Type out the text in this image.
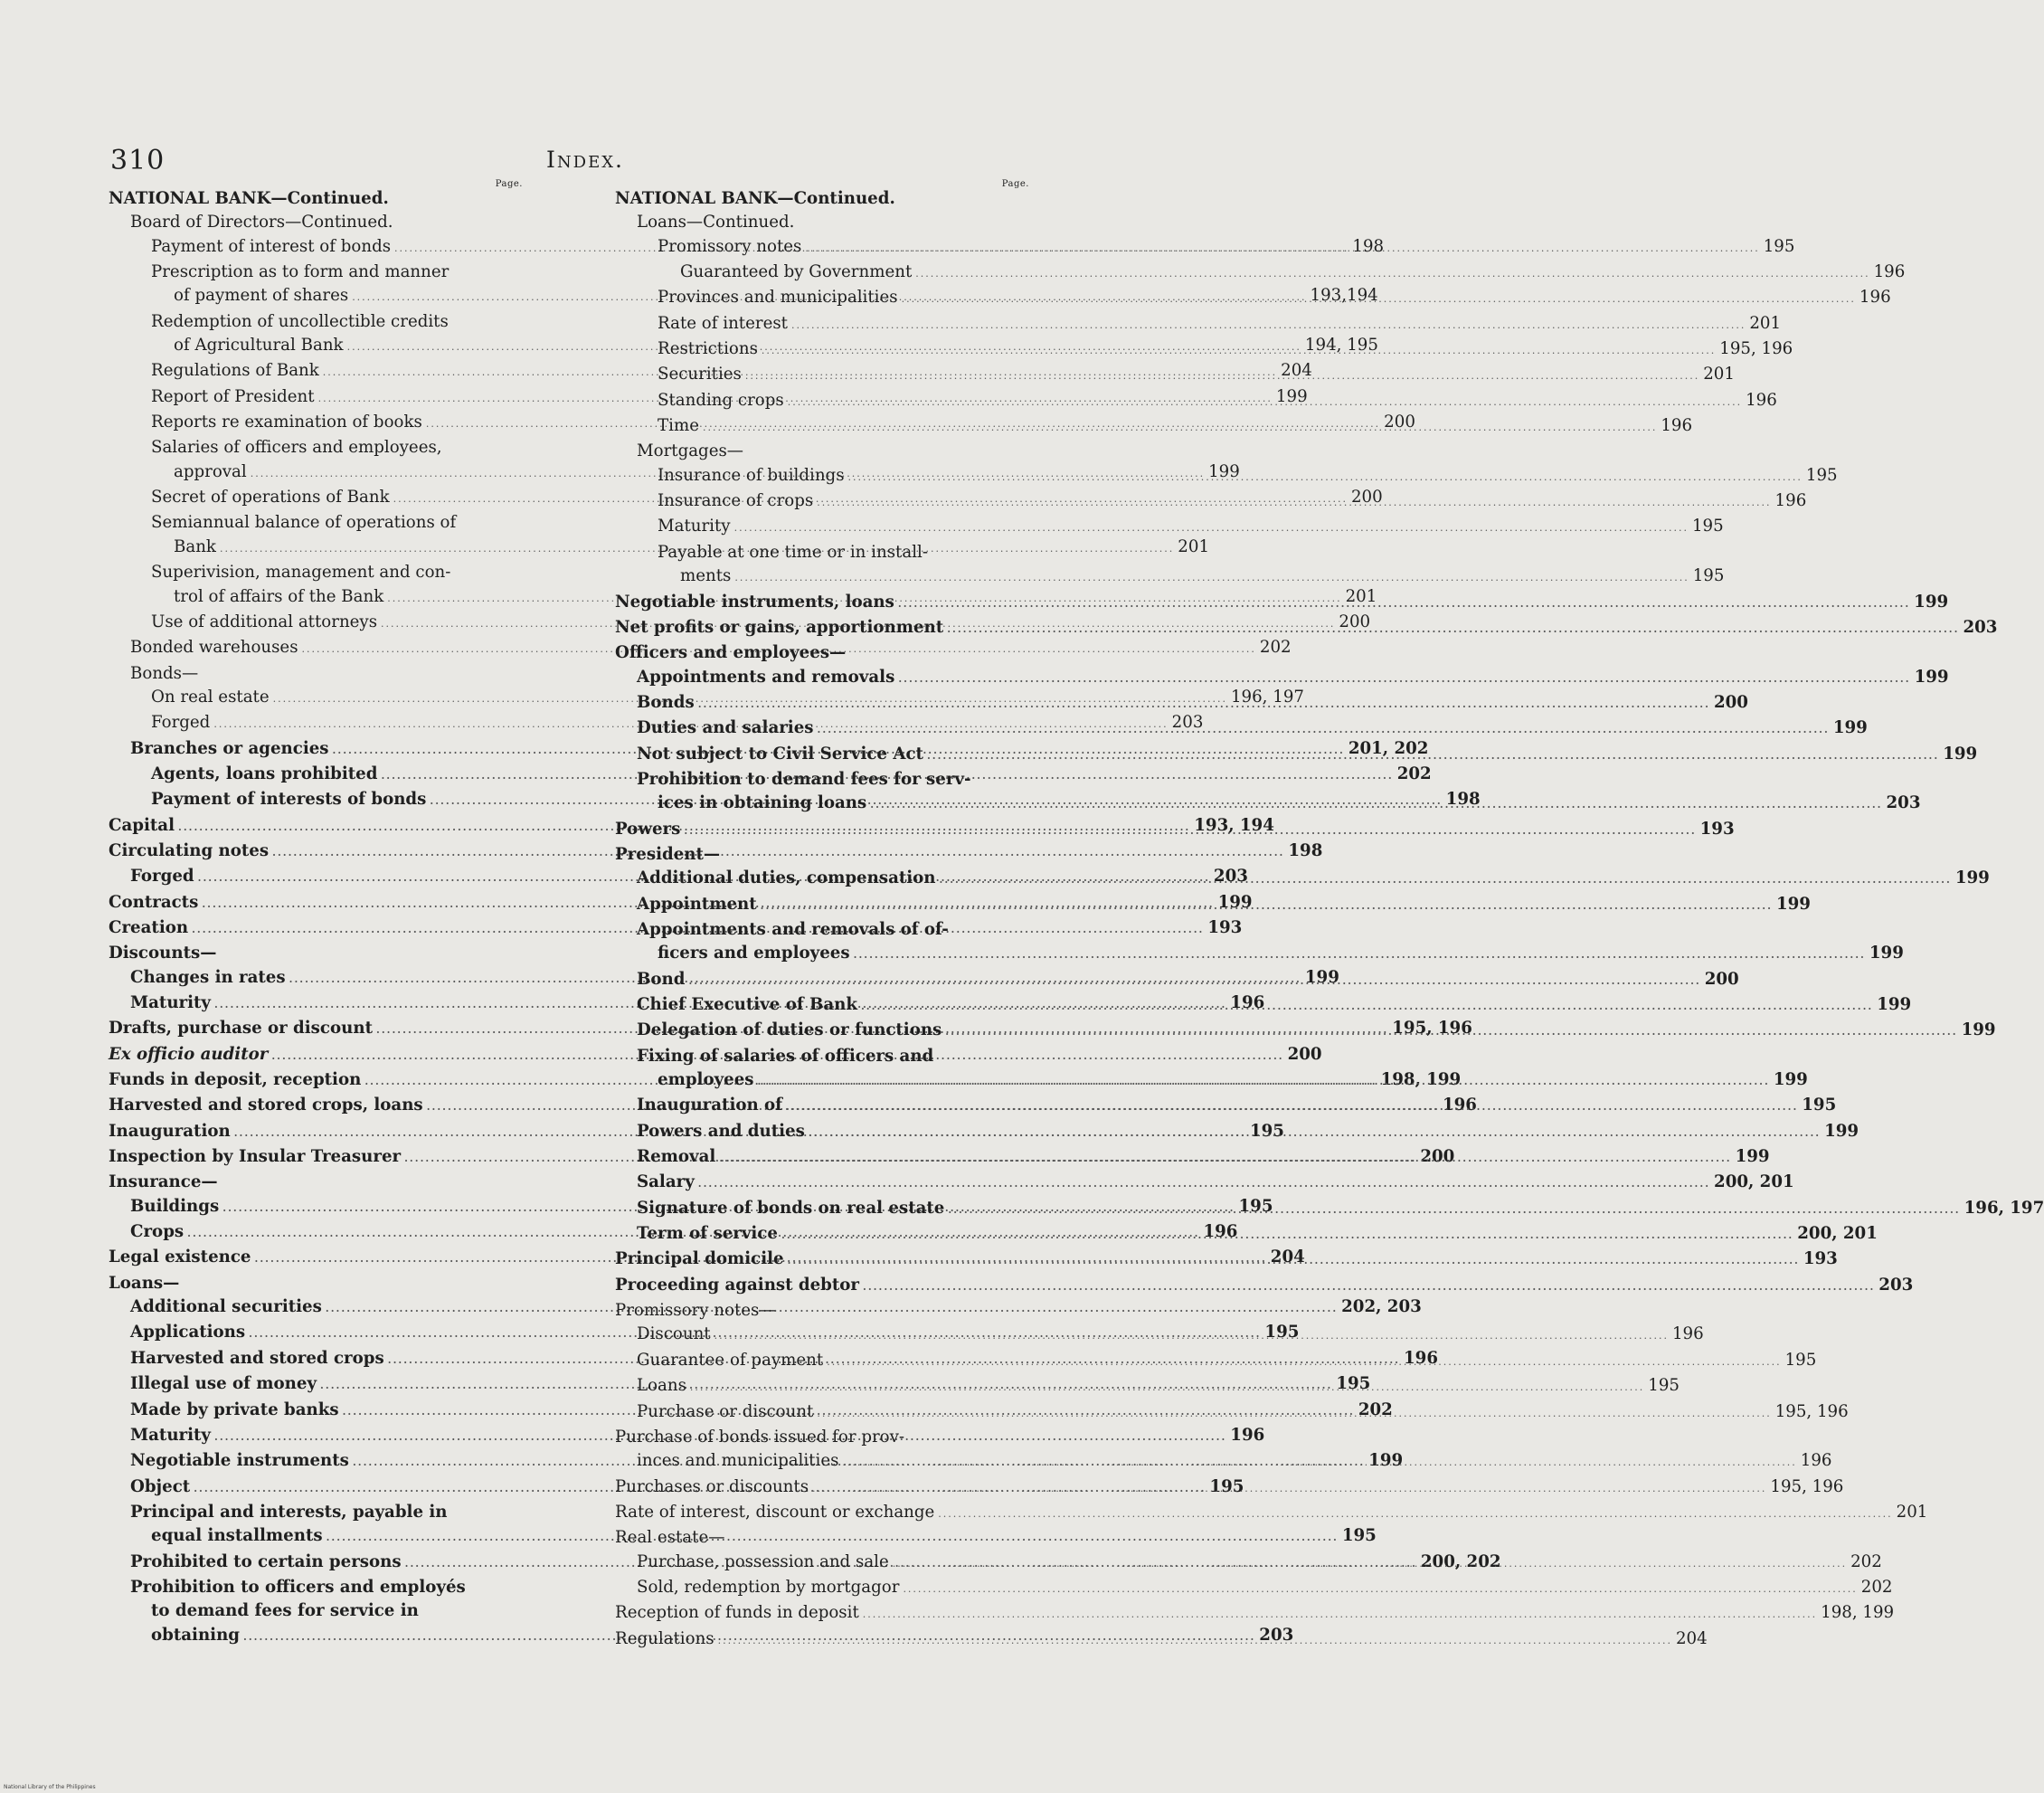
310	Index.
Page.
NATIONAL BANK—Continued.
Board of Directors—Continued.
Payment of interest of bonds .....	198
Prescription as to form and manner
of payment of shares .....	193,194
Redemption of uncollectible credits
of Agricultural Bank .....	194, 195
Regulations of Bank .....	204
Report of President .....	199
Reports re examination of books .....	200
Salaries of officers and employees,
approval .....	199
Secret of operations of Bank .....	200
Semiannual balance of operations of
Bank .....	201
Superivision, management and con-
trol of affairs of the Bank .....	201
Use of additional attorneys .....	200
Bonded warehouses .....	202
Bonds—
On real estate .....	196, 197
Forged .....	203
Branches or agencies .....	201, 202
Agents, loans prohibited .....	202
Payment of interests of bonds .....	198
Capital .....	193, 194
Circulating notes .....	198
Forged .....	203
Contracts .....	199
Creation .....	193
Discounts—
Changes in rates .....	199
Maturity .....	196
Drafts, purchase or discount .....	195, 196
Ex officio auditor .....	200
Funds in deposit, reception .....	198, 199
Harvested and stored crops, loans .....	196
Inauguration .....	195
Inspection by Insular Treasurer .....	200
Insurance—
Buildings .....	195
Crops .....	196
Legal existence .....	204
Loans—
Additional securities .....	202, 203
Applications .....	195
Harvested and stored crops .....	196
Illegal use of money .....	195
Made by private banks .....	202
Maturity .....	196
Negotiable instruments .....	199
Object .....	195
Principal and interests, payable in
equal installments .....	195
Prohibited to certain persons .....	200, 202
Prohibition to officers and employés
to demand fees for service in
obtaining .....	203
Page.
NATIONAL BANK—Continued.
Loans—Continued.
Promissory notes .....	195
Guaranteed by Government .....	196
Provinces and municipalities .....	196
Rate of interest .....	201
Restrictions .....	195, 196
Securities .....	201
Standing crops .....	196
Time .....	196
Mortgages—
Insurance of buildings .....	195
Insurance of crops .....	196
Maturity .....	195
Payable at one time or in install-
ments .....	195
Negotiable instruments, loans .....	199
Net profits or gains, apportionment .....	203
Officers and employees—
Appointments and removals .....	199
Bonds .....	200
Duties and salaries .....	199
Not subject to Civil Service Act .....	199
Prohibition to demand fees for serv-
ices in obtaining loans .....	203
Powers .....	193
President—
Additional duties, compensation .....	199
Appointment .....	199
Appointments and removals of of-
ficers and employees .....	199
Bond .....	200
Chief Executive of Bank .....	199
Delegation of duties or functions .....	199
Fixing of salaries of officers and
employees .....	199
Inauguration of .....	195
Powers and duties .....	199
Removal .....	199
Salary .....	200, 201
Signature of bonds on real estate .....	196, 197
Term of service .....	200, 201
Principal domicile .....	193
Proceeding against debtor .....	203
Promissory notes—
Discount .....	196
Guarantee of payment .....	195
Loans .....	195
Purchase or discount .....	195, 196
Purchase of bonds issued for prov-
inces and municipalities .....	196
Purchases or discounts .....	195, 196
Rate of interest, discount or exchange .....	201
Real estate—
Purchase, possession and sale .....	202
Sold, redemption by mortgagor .....	202
Reception of funds in deposit .....	198, 199
Regulations .....	204
National Library of the Philippines
